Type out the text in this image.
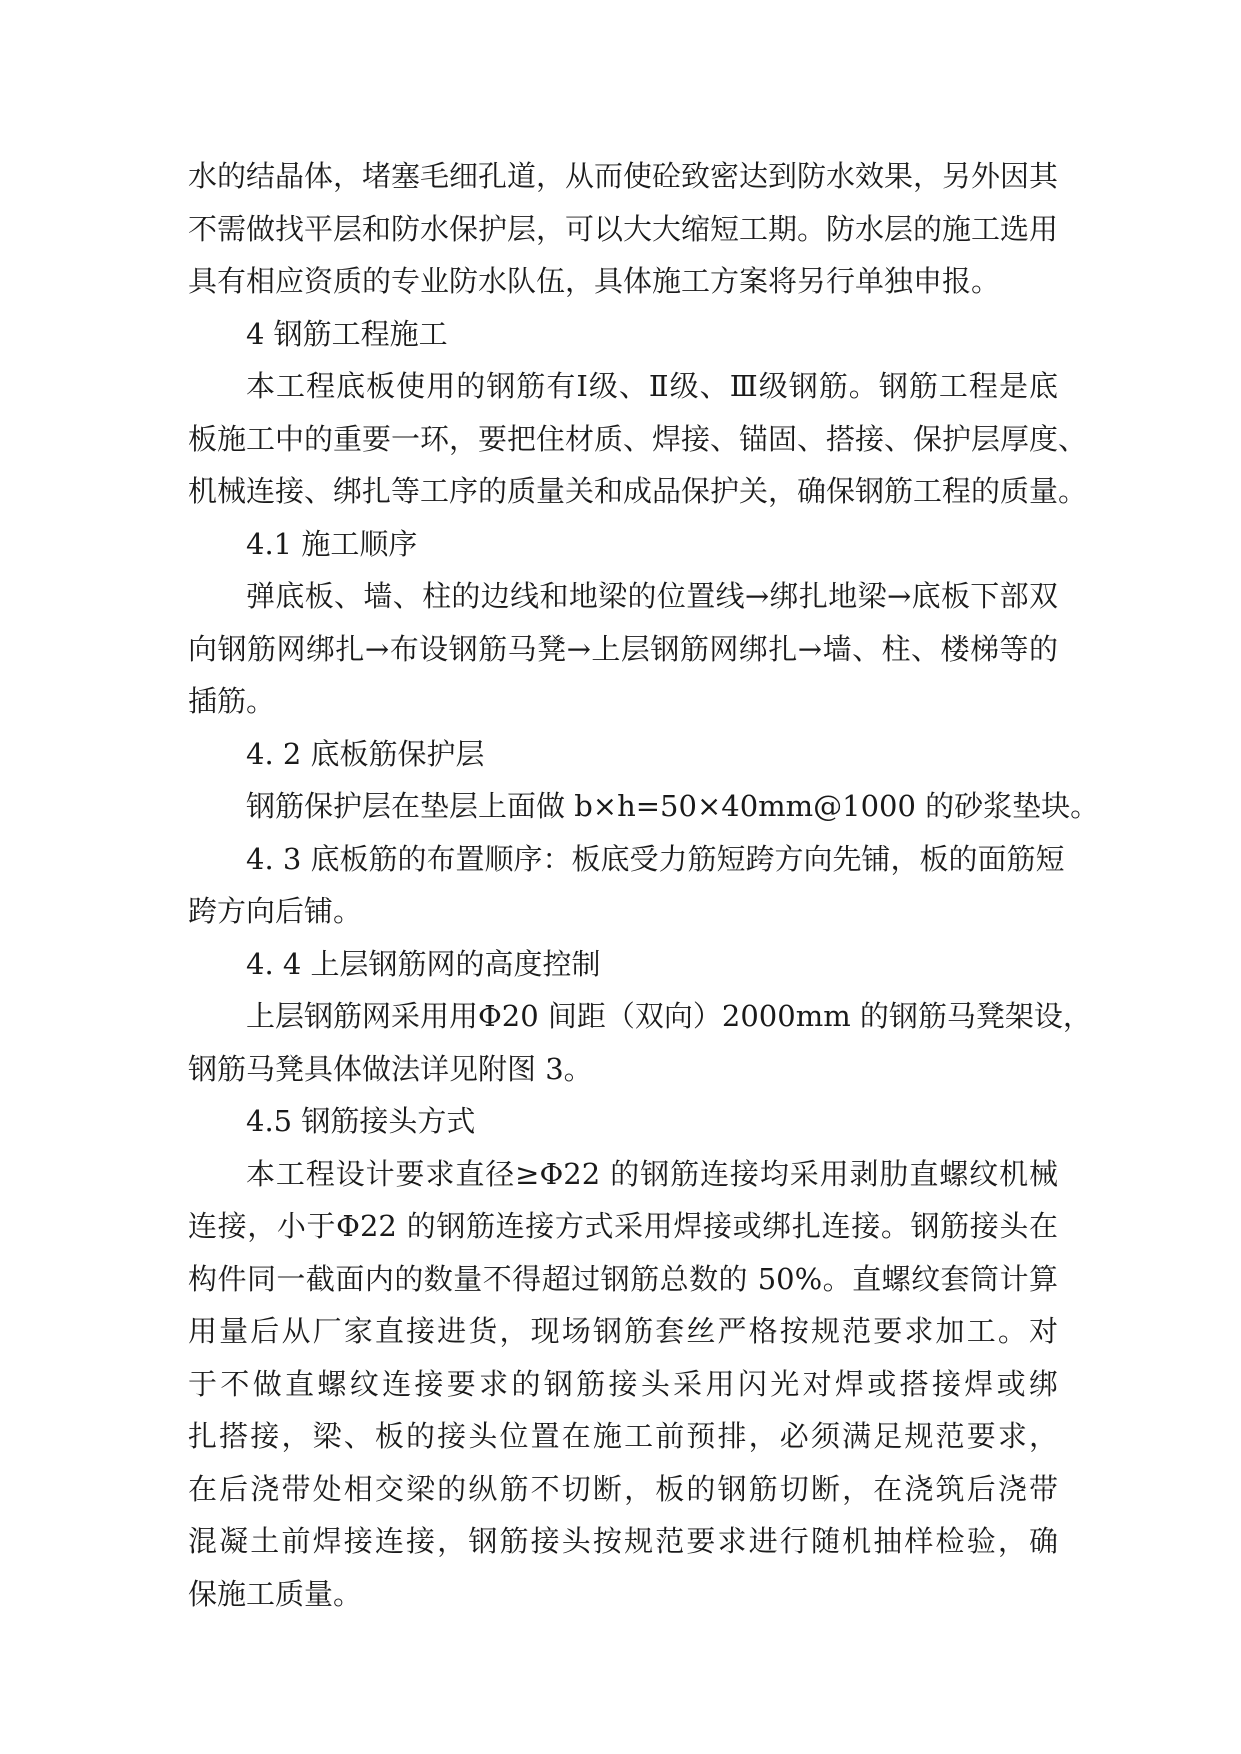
水的结晶体，堵塞毛细孔道，从而使砼致密达到防水效果，另外因其
不需做找平层和防水保护层，可以大大缩短工期。防水层的施工选用
具有相应资质的专业防水队伍，具体施工方案将另行单独申报。
4 钢筋工程施工
本工程底板使用的钢筋有Ⅰ级、Ⅱ级、Ⅲ级钢筋。钢筋工程是底
板施工中的重要一环，要把住材质、焊接、锚固、搭接、保护层厚度、
机械连接、绑扎等工序的质量关和成品保护关，确保钢筋工程的质量。
4.1 施工顺序
弹底板、墙、柱的边线和地梁的位置线→绑扎地梁→底板下部双
向钢筋网绑扎→布设钢筋马凳→上层钢筋网绑扎→墙、柱、楼梯等的
插筋。
4. 2 底板筋保护层
钢筋保护层在垫层上面做 b×h=50×40mm@1000 的砂浆垫块。
4. 3 底板筋的布置顺序：板底受力筋短跨方向先铺，板的面筋短
跨方向后铺。
4. 4 上层钢筋网的高度控制
上层钢筋网采用用Φ20 间距（双向）2000mm 的钢筋马凳架设，
钢筋马凳具体做法详见附图 3。
4.5 钢筋接头方式
本工程设计要求直径≥Φ22 的钢筋连接均采用剥肋直螺纹机械
连接，小于Φ22 的钢筋连接方式采用焊接或绑扎连接。钢筋接头在
构件同一截面内的数量不得超过钢筋总数的 50%。直螺纹套筒计算
用量后从厂家直接进货，现场钢筋套丝严格按规范要求加工。对
于不做直螺纹连接要求的钢筋接头采用闪光对焊或搭接焊或绑
扎搭接，梁、板的接头位置在施工前预排，必须满足规范要求，
在后浇带处相交梁的纵筋不切断，板的钢筋切断，在浇筑后浇带
混凝土前焊接连接，钢筋接头按规范要求进行随机抽样检验，确
保施工质量。
